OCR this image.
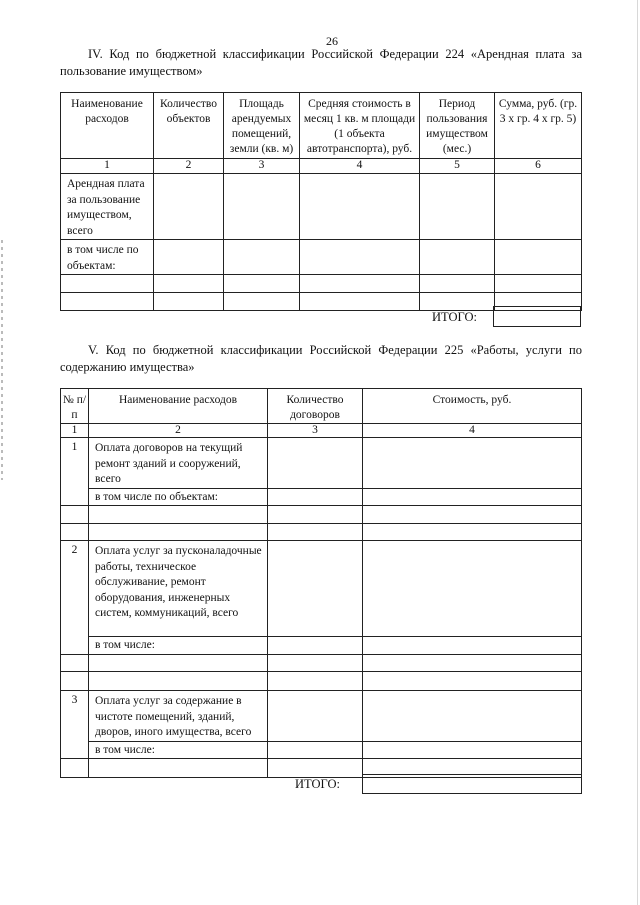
26
IV. Код по бюджетной классификации Российской Федерации 224 «Арендная плата за пользование имуществом»
Наименование расходов	Количество объектов	Площадь арендуемых помещений, земли (кв. м)	Средняя стоимость в месяц 1 кв. м площади (1 объекта автотранспорта), руб.	Период пользования имуществом (мес.)	Сумма, руб. (гр. 3 х гр. 4 х гр. 5)
1	2	3	4	5	6
Арендная плата за пользование имуществом, всего					
в том числе по объектам:					

ИТОГО:
V. Код по бюджетной классификации Российской Федерации 225 «Работы, услуги по содержанию имущества»
№ п/п	Наименование расходов	Количество договоров	Стоимость, руб.
1	2	3	4
1	Оплата договоров на текущий ремонт зданий и сооружений, всего		
	в том числе по объектам:		

2	Оплата услуг за пусконаладочные работы, техническое обслуживание, ремонт оборудования, инженерных систем, коммуникаций, всего		
	в том числе:		

3	Оплата услуг за содержание в чистоте помещений, зданий, дворов, иного имущества, всего		
	в том числе:		

ИТОГО:
